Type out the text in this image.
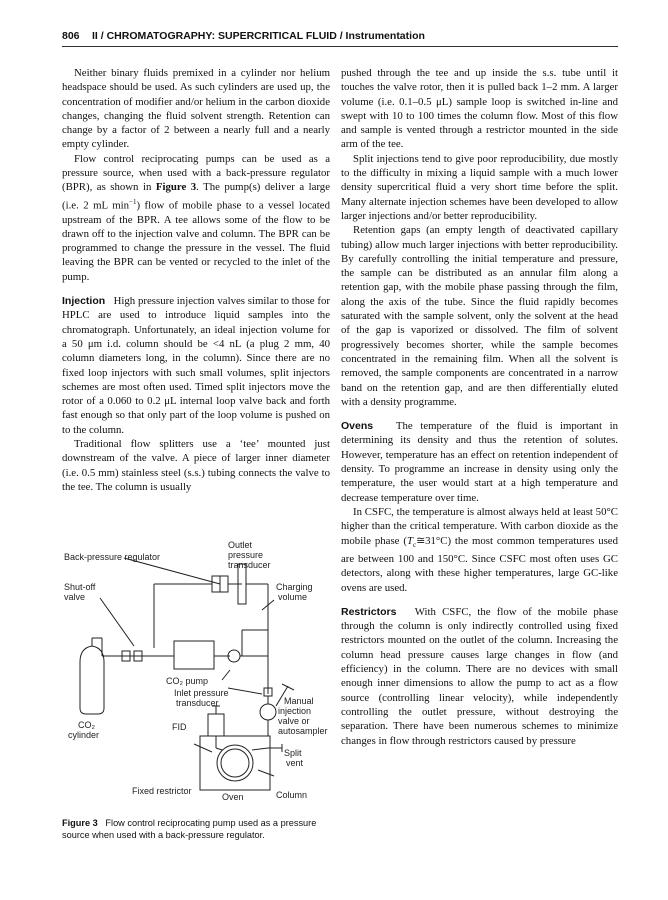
806 II / CHROMATOGRAPHY: SUPERCRITICAL FLUID / Instrumentation

Neither binary fluids premixed in a cylinder nor helium headspace should be used. As such cylinders are used up, the concentration of modifier and/or helium in the carbon dioxide changes, changing the fluid solvent strength. Retention can change by a factor of 2 between a nearly full and a nearly empty cylinder.

Flow control reciprocating pumps can be used as a pressure source, when used with a back-pressure regulator (BPR), as shown in Figure 3. The pump(s) deliver a large (i.e. 2 mL $\min^{-1}$) flow of mobile phase to a vessel located upstream of the BPR. A tee allows some of the flow to be drawn off to the injection valve and column. The BPR can be programmed to change the pressure in the vessel. The fluid leaving the BPR can be vented or recycled to the inlet of the pump.

Injection High pressure injection valves similar to those for HPLC are used to introduce liquid samples into the chromatograph. Unfortunately, an ideal injection volume for a 50 μm i.d. column should be <4 nL (a plug 2 mm, 40 column diameters long, in the column). Since there are no fixed loop injectors with such small volumes, split injectors schemes are most often used. Timed split injectors move the rotor of a 0.060 to 0.2 μL internal loop valve back and forth fast enough so that only part of the loop volume is pushed on to the column.

Traditional flow splitters use a ‘tee’ mounted just downstream of the valve. A piece of larger inner diameter (i.e. 0.5 mm) stainless steel (s.s.) tubing connects the valve to the tee. The column is usually

Back-pressure regulator
Outlet
pressure
transducer
Shut-off
valve
Charging
volume
CO₂ pump
Inlet pressure
transducer	Manual
injection
valve or
autosampler
CO₂
cylinder
FID
Split
vent
Fixed restrictor	Column
Oven
Figure 3 Flow control reciprocating pump used as a pressure source when used with a back-pressure regulator.

pushed through the tee and up inside the s.s. tube until it touches the valve rotor, then it is pulled back 1–2 mm. A larger volume (i.e. 0.1–0.5 μL) sample loop is switched in-line and swept with 10 to 100 times the column flow. Most of this flow and sample is vented through a restrictor mounted in the side arm of the tee.

Split injections tend to give poor reproducibility, due mostly to the difficulty in mixing a liquid sample with a much lower density supercritical fluid a very short time before the split. Many alternate injection schemes have been developed to allow larger injections and/or better reproducibility.

Retention gaps (an empty length of deactivated capillary tubing) allow much larger injections with better reproducibility. By carefully controlling the initial temperature and pressure, the sample can be distributed as an annular film along a retention gap, with the mobile phase passing through the film, along the axis of the tube. Since the fluid rapidly becomes saturated with the sample solvent, only the solvent at the head of the gap is vaporized or dissolved. The film of solvent progressively becomes shorter, while the sample becomes concentrated in the remaining film. When all the solvent is removed, the sample components are concentrated in a narrow band on the retention gap, and are then differentially eluted with a density programme.

Ovens The temperature of the fluid is important in determining its density and thus the retention of solutes. However, temperature has an effect on retention independent of density. To programme an increase in density using only the temperature, the user would start at a high temperature and decrease temperature over time.

In CSFC, the temperature is almost always held at least 50°C higher than the critical temperature. With carbon dioxide as the mobile phase $(T_c≅31^\circ C)$ the most common temperatures used are between 100 and 150°C. Since CSFC most often uses GC detectors, along with these higher temperatures, large GC-like ovens are used.

Restrictors With CSFC, the flow of the mobile phase through the column is only indirectly controlled using fixed restrictors mounted on the outlet of the column. Increasing the column head pressure causes large changes in flow (and efficiency) in the column. There are no devices with small enough inner dimensions to allow the pump to act as a flow source (controlling linear velocity), while independently controlling the outlet pressure, without destroying the separation. There have been numerous schemes to minimize changes in flow through restrictors caused by pressure
